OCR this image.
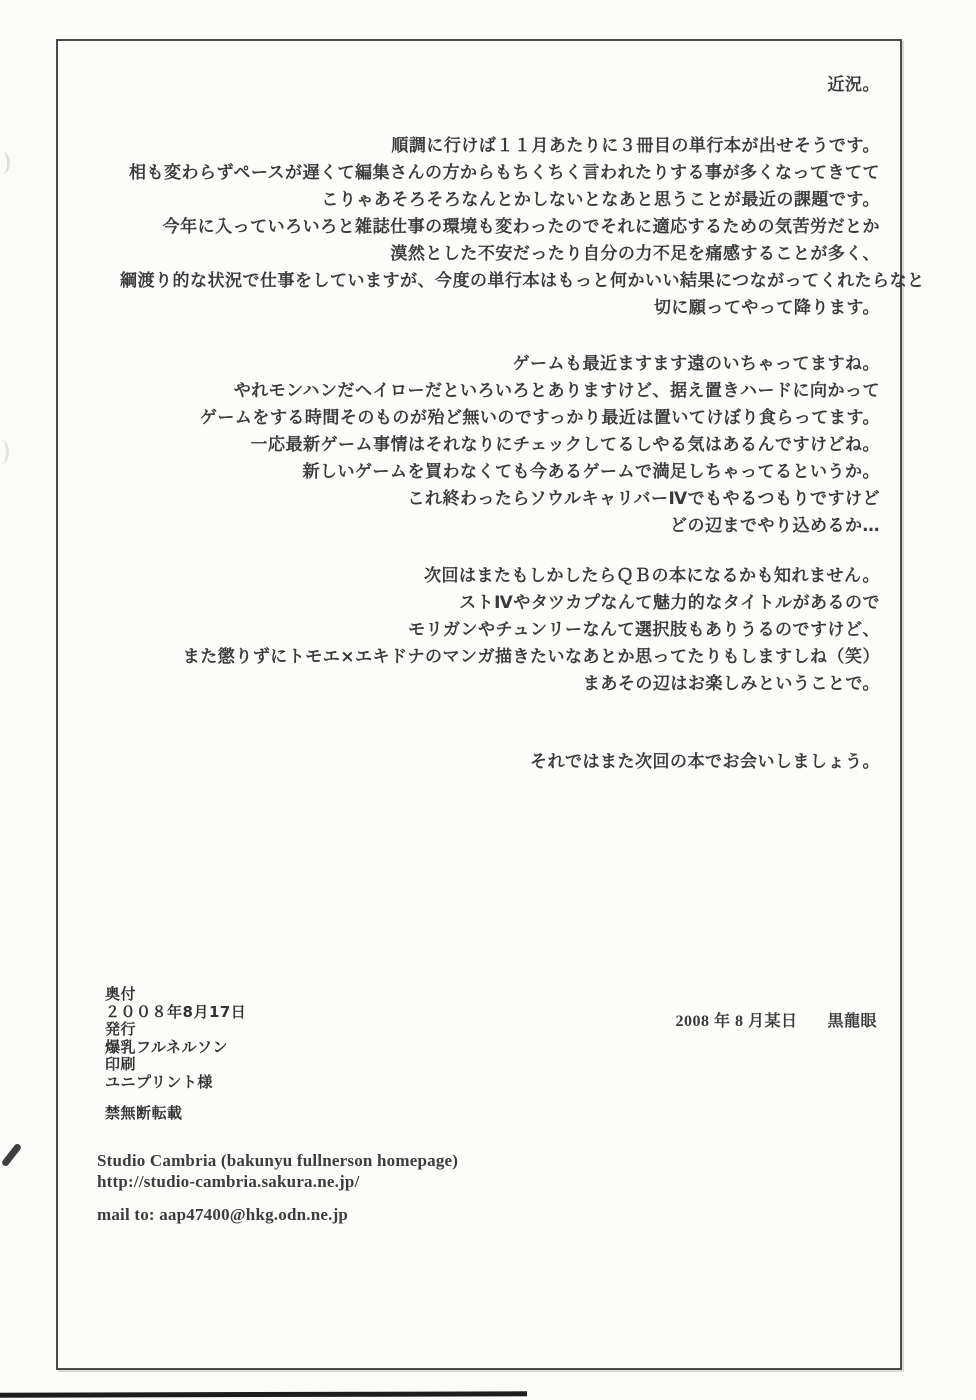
近況。
順調に行けば１１月あたりに３冊目の単行本が出せそうです。
相も変わらずペースが遅くて編集さんの方からもちくちく言われたりする事が多くなってきてて
こりゃあそろそろなんとかしないとなあと思うことが最近の課題です。
今年に入っていろいろと雑誌仕事の環境も変わったのでそれに適応するための気苦労だとか
漠然とした不安だったり自分の力不足を痛感することが多く、
綱渡り的な状況で仕事をしていますが、今度の単行本はもっと何かいい結果につながってくれたらなと
切に願ってやって降ります。
ゲームも最近ますます遠のいちゃってますね。
やれモンハンだヘイローだといろいろとありますけど、据え置きハードに向かって
ゲームをする時間そのものが殆ど無いのですっかり最近は置いてけぼり食らってます。
一応最新ゲーム事情はそれなりにチェックしてるしやる気はあるんですけどね。
新しいゲームを買わなくても今あるゲームで満足しちゃってるというか。
これ終わったらソウルキャリバーⅣでもやるつもりですけど
どの辺までやり込めるか…
次回はまたもしかしたらＱＢの本になるかも知れません。
ストⅣやタツカプなんて魅力的なタイトルがあるので
モリガンやチュンリーなんて選択肢もありうるのですけど、
また懲りずにトモエ×エキドナのマンガ描きたいなあとか思ってたりもしますしね（笑）
まあその辺はお楽しみということで。
それではまた次回の本でお会いしましょう。
奥付
２００８年8月17日
発行
爆乳フルネルソン
印刷
ユニプリント様
禁無断転載
2008 年 8 月某日 黒龍眼
Studio Cambria (bakunyu fullnerson homepage)
http://studio-cambria.sakura.ne.jp/
mail to: aap47400@hkg.odn.ne.jp
